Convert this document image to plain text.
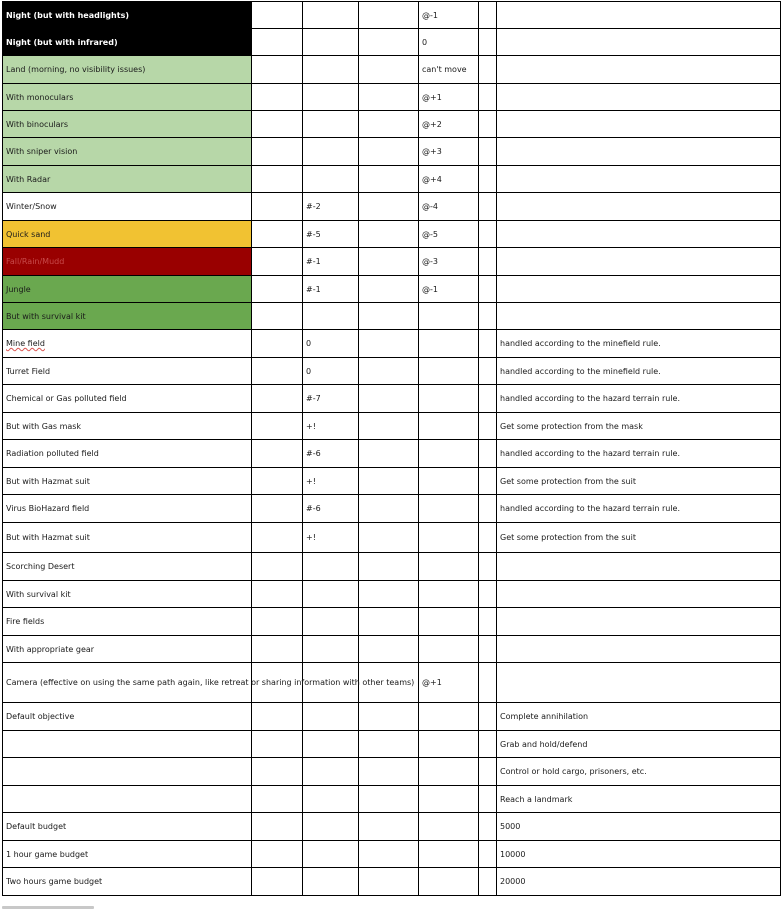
Night (but with headlights)				@-1		
Night (but with infrared)				0		
Land (morning, no visibility issues)				can't move		
With monoculars				@+1		
With binoculars				@+2		
With sniper vision				@+3		
With Radar				@+4		
Winter/Snow		#-2		@-4		
Quick sand		#-5		@-5		
Fall/Rain/Mudd		#-1		@-3		
Jungle		#-1		@-1		
But with survival kit						
Mine field		0				handled according to the minefield rule.
Turret Field		0				handled according to the minefield rule.
Chemical or Gas polluted field		#-7				handled according to the hazard terrain rule.
But with Gas mask		+!				Get some protection from the mask
Radiation polluted field		#-6				handled according to the hazard terrain rule.
But with Hazmat suit		+!				Get some protection from the suit
Virus BioHazard field		#-6				handled according to the hazard terrain rule.
But with Hazmat suit		+!				Get some protection from the suit
Scorching Desert						
With survival kit						
Fire fields						
With appropriate gear						
Camera (effective on using the same path again, like retreat or sharing information with other teams)				@+1		
Default objective						Complete annihilation
						Grab and hold/defend
						Control or hold cargo, prisoners, etc.
						Reach a landmark
Default budget						5000
1 hour game budget						10000
Two hours game budget						20000
